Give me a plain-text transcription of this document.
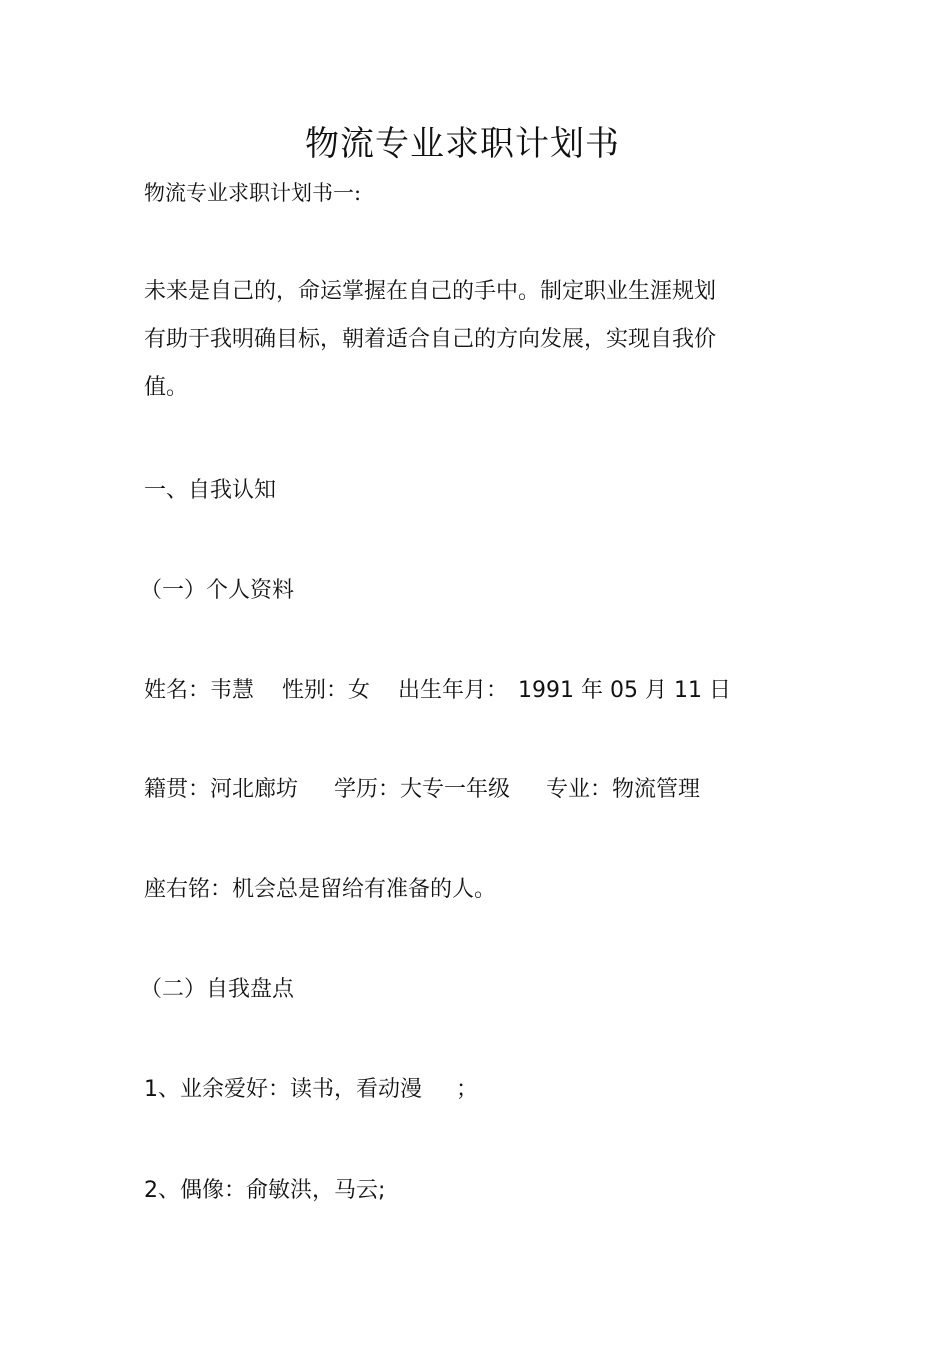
物流专业求职计划书
物流专业求职计划书一:
未来是自己的，命运掌握在自己的手中。制定职业生涯规划
有助于我明确目标，朝着适合自己的方向发展，实现自我价
值。
一、自我认知
（一）个人资料
姓名：韦慧 性别：女 出生年月： 1991 年 05 月 11 日
籍贯：河北廊坊 学历：大专一年级 专业：物流管理
座右铭：机会总是留给有准备的人。
（二）自我盘点
1、业余爱好：读书，看动漫 ；
2、偶像：俞敏洪，马云;
